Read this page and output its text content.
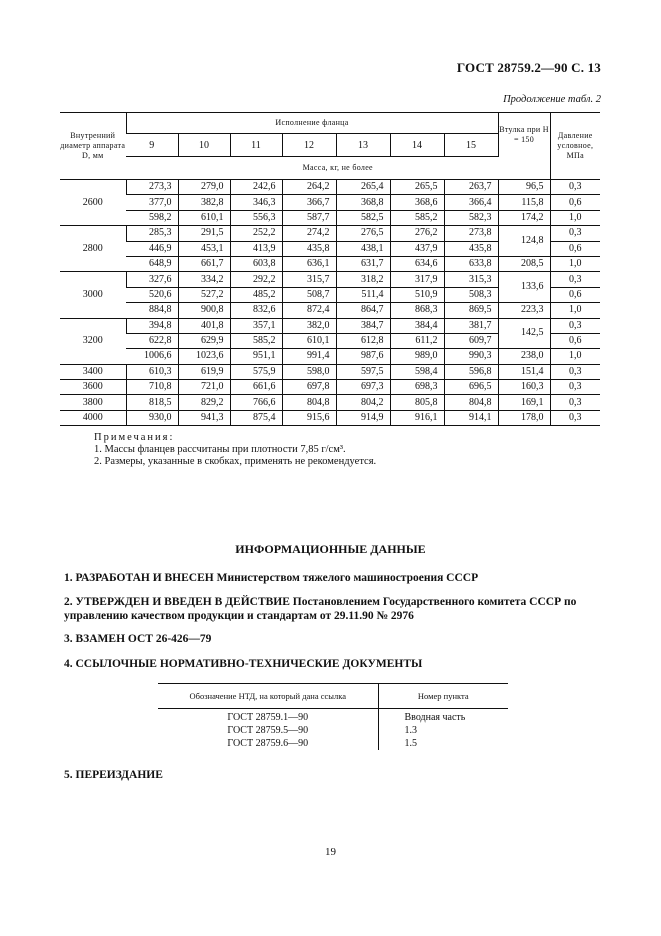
ГОСТ 28759.2—90 С. 13
Продолжение табл. 2
Внутренний диаметр аппарата D, мм	Исполнение фланца							Втулка при H = 150	Давление условное, МПа
	9	10	11	12	13	14	15		
	Масса, кг, не более								
2600	273,3	279,0	242,6	264,2	265,4	265,5	263,7	96,5	0,3
	377,0	382,8	346,3	366,7	368,8	368,6	366,4	115,8	0,6
	598,2	610,1	556,3	587,7	582,5	585,2	582,3	174,2	1,0
2800	285,3	291,5	252,2	274,2	276,5	276,2	273,8	124,8	0,3
	446,9	453,1	413,9	435,8	438,1	437,9	435,8		0,6
	648,9	661,7	603,8	636,1	631,7	634,6	633,8	208,5	1,0
3000	327,6	334,2	292,2	315,7	318,2	317,9	315,3	133,6	0,3
	520,6	527,2	485,2	508,7	511,4	510,9	508,3		0,6
	884,8	900,8	832,6	872,4	864,7	868,3	869,5	223,3	1,0
3200	394,8	401,8	357,1	382,0	384,7	384,4	381,7	142,5	0,3
	622,8	629,9	585,2	610,1	612,8	611,2	609,7		0,6
	1006,6	1023,6	951,1	991,4	987,6	989,0	990,3	238,0	1,0
3400	610,3	619,9	575,9	598,0	597,5	598,4	596,8	151,4	0,3
3600	710,8	721,0	661,6	697,8	697,3	698,3	696,5	160,3	0,3
3800	818,5	829,2	766,6	804,8	804,2	805,8	804,8	169,1	0,3
4000	930,0	941,3	875,4	915,6	914,9	916,1	914,1	178,0	0,3
Примечания:
1. Массы фланцев рассчитаны при плотности 7,85 г/см³.
2. Размеры, указанные в скобках, применять не рекомендуется.
ИНФОРМАЦИОННЫЕ ДАННЫЕ
1. РАЗРАБОТАН И ВНЕСЕН Министерством тяжелого машиностроения СССР
2. УТВЕРЖДЕН И ВВЕДЕН В ДЕЙСТВИЕ Постановлением Государственного комитета СССР по управлению качеством продукции и стандартам от 29.11.90 № 2976
3. ВЗАМЕН ОСТ 26-426—79
4. ССЫЛОЧНЫЕ НОРМАТИВНО-ТЕХНИЧЕСКИЕ ДОКУМЕНТЫ
Обозначение НТД, на который дана ссылка	Номер пункта
ГОСТ 28759.1—90	Вводная часть
ГОСТ 28759.5—90	1.3
ГОСТ 28759.6—90	1.5
5. ПЕРЕИЗДАНИЕ
19
